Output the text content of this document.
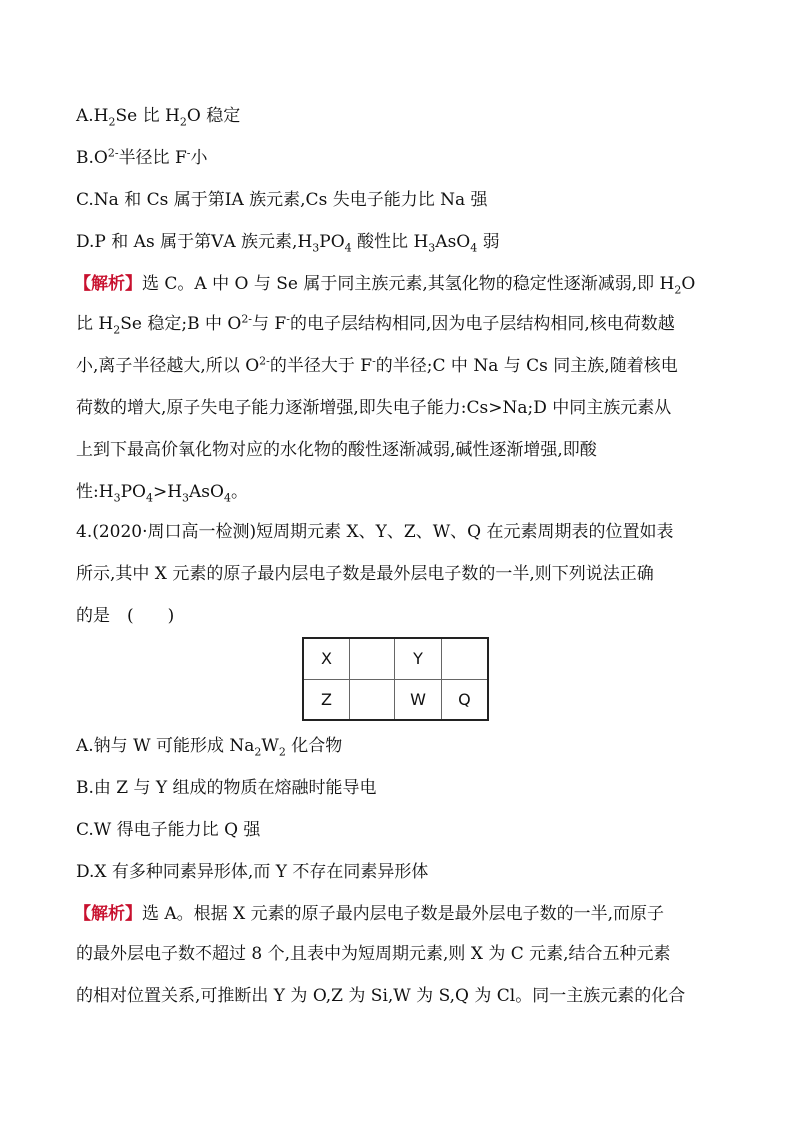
$A.H_2Se$ 比 $H_2O$ 稳定
$B.O^{2-}$半径比 F-小
C.Na 和 Cs 属于第ⅠA 族元素,Cs 失电子能力比 Na 强
D.P 和 As 属于第ⅤA 族元素$,H_3PO_4$ 酸性比 $H_3AsO_4$ 弱
【解析】选 C。A 中 O 与 Se 属于同主族元素,其氢化物的稳定性逐渐减弱,即 $H_2O$
比 $H_2Se$ 稳定;B 中 $O^{2-}$与 F-的电子层结构相同,因为电子层结构相同,核电荷数越
小,离子半径越大,所以 $O^{2-}$的半径大于 F-的半径;C 中 Na 与 Cs 同主族,随着核电
荷数的增大,原子失电子能力逐渐增强,即失电子能力:Cs>Na;D 中同主族元素从
上到下最高价氧化物对应的水化物的酸性逐渐减弱,碱性逐渐增强,即酸
性$:H_3PO_4>H_3AsO_4$。
4.(2020·周口高一检测)短周期元素 X、Y、Z、W、Q 在元素周期表的位置如表
所示,其中 X 元素的原子最内层电子数是最外层电子数的一半,则下列说法正确
的是　(　　)
X		Y	
Z		W	Q
A.钠与 W 可能形成 $Na_2W_2$ 化合物
B.由 Z 与 Y 组成的物质在熔融时能导电
C.W 得电子能力比 Q 强
D.X 有多种同素异形体,而 Y 不存在同素异形体
【解析】选 A。根据 X 元素的原子最内层电子数是最外层电子数的一半,而原子
的最外层电子数不超过 8 个,且表中为短周期元素,则 X 为 C 元素,结合五种元素
的相对位置关系,可推断出 Y 为 O,Z 为 Si,W 为 S,Q 为 Cl。同一主族元素的化合
